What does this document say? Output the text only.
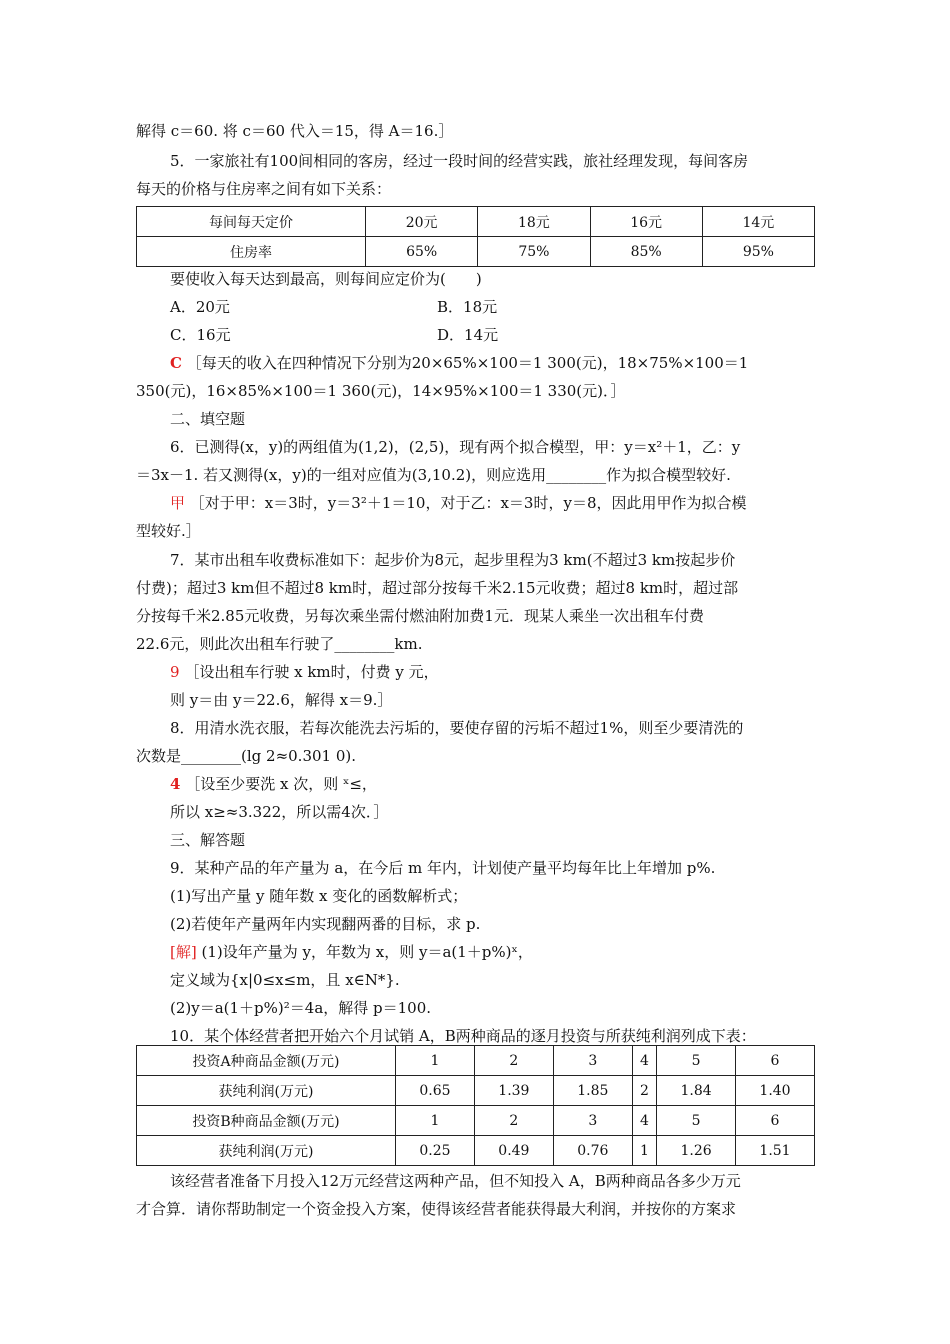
解得 c＝60. 将 c＝60 代入＝15，得 A＝16.］
5．一家旅社有100间相同的客房，经过一段时间的经营实践，旅社经理发现，每间客房
每天的价格与住房率之间有如下关系：
每间每天定价	20元	18元	16元	14元
住房率	65%	75%	85%	95%
要使收入每天达到最高，则每间应定价为(　　)
A．20元	B．18元
C．16元	D．14元
C ［每天的收入在四种情况下分别为20×65%×100＝1 300(元)，18×75%×100＝1
350(元)，16×85%×100＝1 360(元)，14×95%×100＝1 330(元)．］
二、填空题
6．已测得(x，y)的两组值为(1,2)，(2,5)，现有两个拟合模型，甲：y＝x²＋1，乙：y
＝3x－1. 若又测得(x，y)的一组对应值为(3,10.2)，则应选用________作为拟合模型较好.
甲 ［对于甲：x＝3时，y＝3²＋1＝10，对于乙：x＝3时，y＝8，因此用甲作为拟合模
型较好.］
7．某市出租车收费标准如下：起步价为8元，起步里程为3 km(不超过3 km按起步价
付费)；超过3 km但不超过8 km时，超过部分按每千米2.15元收费；超过8 km时，超过部
分按每千米2.85元收费，另每次乘坐需付燃油附加费1元．现某人乘坐一次出租车付费
22.6元，则此次出租车行驶了________km.
9 ［设出租车行驶 x km时，付费 y 元，
则 y＝由 y＝22.6，解得 x＝9.］
8．用清水洗衣服，若每次能洗去污垢的，要使存留的污垢不超过1%，则至少要清洗的
次数是________(lg 2≈0.301 0).
4 ［设至少要洗 x 次，则 ˣ≤，
所以 x≥≈3.322，所以需4次．］
三、解答题
9．某种产品的年产量为 a，在今后 m 年内，计划使产量平均每年比上年增加 p%.
(1)写出产量 y 随年数 x 变化的函数解析式；
(2)若使年产量两年内实现翻两番的目标，求 p.
[解] (1)设年产量为 y，年数为 x，则 y＝a(1＋p%)ˣ，
定义域为{x|0≤x≤m，且 x∈N*}.
(2)y＝a(1＋p%)²＝4a，解得 p＝100.
10．某个体经营者把开始六个月试销 A，B两种商品的逐月投资与所获纯利润列成下表：
投资A种商品金额(万元)	1	2	3	4	5	6
获纯利润(万元)	0.65	1.39	1.85	2	1.84	1.40
投资B种商品金额(万元)	1	2	3	4	5	6
获纯利润(万元)	0.25	0.49	0.76	1	1.26	1.51
该经营者准备下月投入12万元经营这两种产品，但不知投入 A，B两种商品各多少万元
才合算．请你帮助制定一个资金投入方案，使得该经营者能获得最大利润，并按你的方案求
